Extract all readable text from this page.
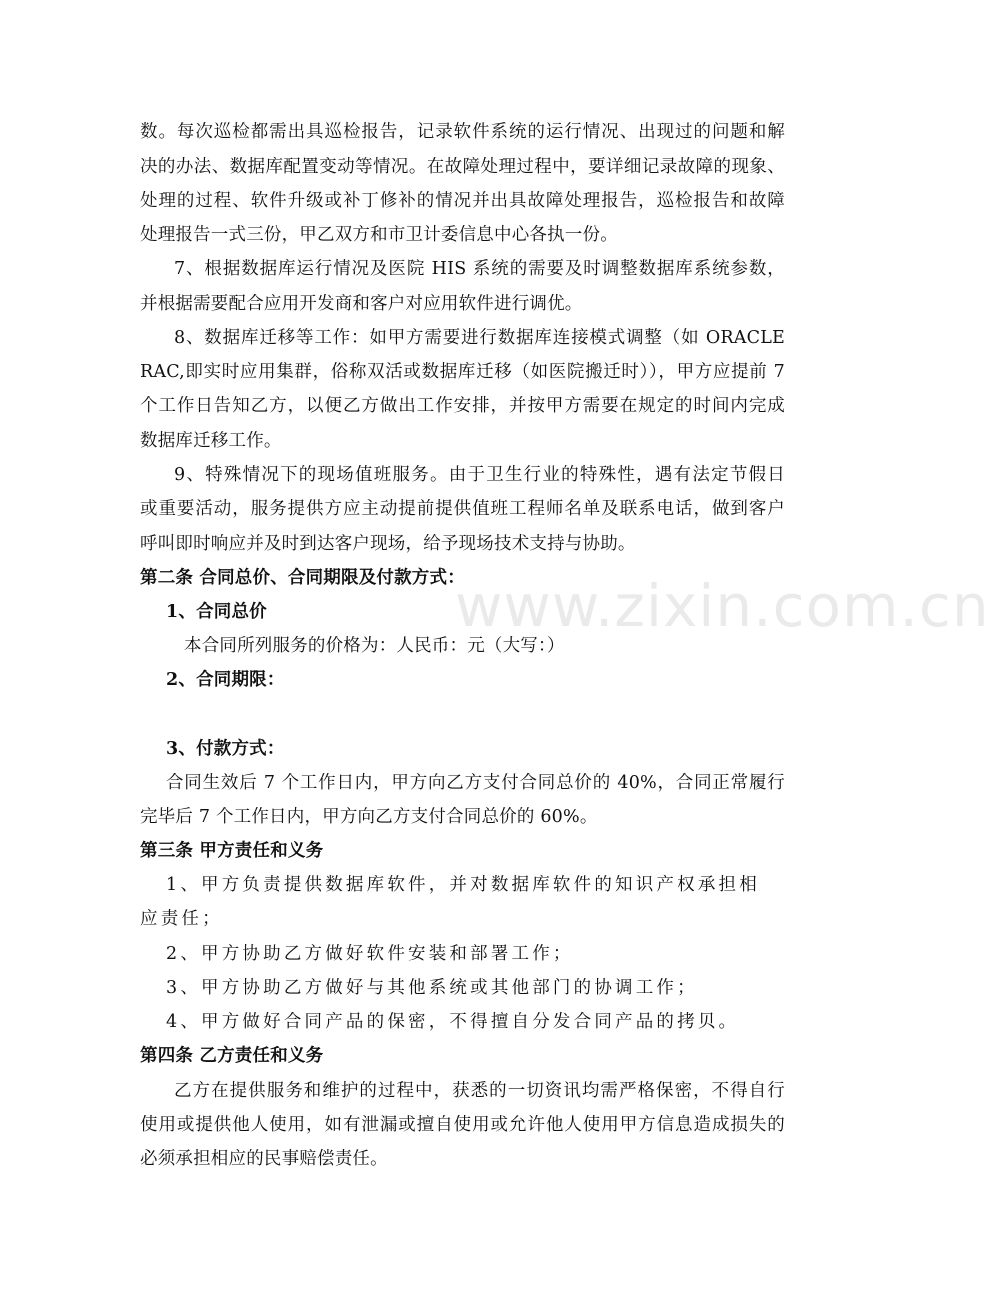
www.zixin.com.cn
数。每次巡检都需出具巡检报告，记录软件系统的运行情况、出现过的问题和解
决的办法、数据库配置变动等情况。在故障处理过程中，要详细记录故障的现象、
处理的过程、软件升级或补丁修补的情况并出具故障处理报告，巡检报告和故障
处理报告一式三份，甲乙双方和市卫计委信息中心各执一份。
7、根据数据库运行情况及医院 HIS 系统的需要及时调整数据库系统参数，
并根据需要配合应用开发商和客户对应用软件进行调优。
8、数据库迁移等工作：如甲方需要进行数据库连接模式调整（如 ORACLE
RAC,即实时应用集群，俗称双活或数据库迁移（如医院搬迁时）），甲方应提前 7
个工作日告知乙方，以便乙方做出工作安排，并按甲方需要在规定的时间内完成
数据库迁移工作。
9、特殊情况下的现场值班服务。由于卫生行业的特殊性，遇有法定节假日
或重要活动，服务提供方应主动提前提供值班工程师名单及联系电话，做到客户
呼叫即时响应并及时到达客户现场，给予现场技术支持与协助。
第二条 合同总价、合同期限及付款方式：
1、合同总价
本合同所列服务的价格为：人民币：元（大写：）
2、合同期限：
3、付款方式：
合同生效后 7 个工作日内，甲方向乙方支付合同总价的 40%，合同正常履行
完毕后 7 个工作日内，甲方向乙方支付合同总价的 60%。
第三条 甲方责任和义务
1、甲方负责提供数据库软件，并对数据库软件的知识产权承担相
应责任；
2、甲方协助乙方做好软件安装和部署工作；
3、甲方协助乙方做好与其他系统或其他部门的协调工作；
4、甲方做好合同产品的保密，不得擅自分发合同产品的拷贝。
第四条 乙方责任和义务
乙方在提供服务和维护的过程中，获悉的一切资讯均需严格保密，不得自行
使用或提供他人使用，如有泄漏或擅自使用或允许他人使用甲方信息造成损失的
必须承担相应的民事赔偿责任。
